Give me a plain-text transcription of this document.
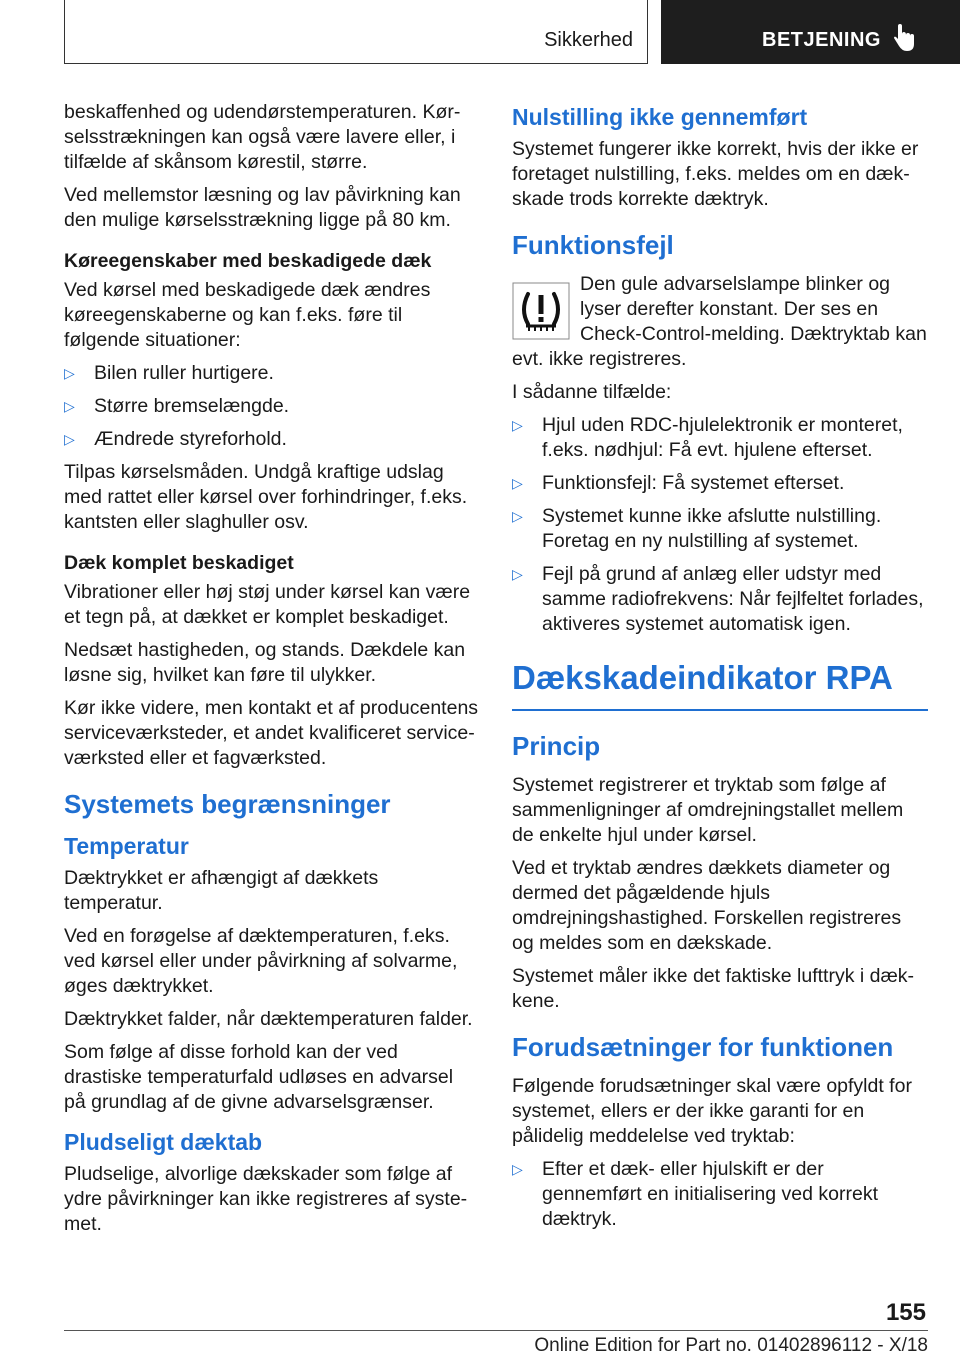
Sikkerhed	BETJENING

beskaffenhed og udendørstemperaturen. Kørselsstrækningen kan også være lavere eller, i tilfælde af skånsom kørestil, større.

Ved mellemstor læsning og lav påvirkning kan den mulige kørselsstrækning ligge på 80 km.

Køreegenskaber med beskadigede dæk

Ved kørsel med beskadigede dæk ændres køreegenskaberne og kan f.eks. føre til følgende situationer:

▷ Bilen ruller hurtigere.
▷ Større bremselængde.
▷ Ændrede styreforhold.

Tilpas kørselsmåden. Undgå kraftige udslag med rattet eller kørsel over forhindringer, f.eks. kantsten eller slaghuller osv.

Dæk komplet beskadiget

Vibrationer eller høj støj under kørsel kan være et tegn på, at dækket er komplet beskadiget.

Nedsæt hastigheden, og stands. Dækdele kan løsne sig, hvilket kan føre til ulykker.

Kør ikke videre, men kontakt et af producentens serviceværksteder, et andet kvalificeret serviceværksted eller et fagværksted.

Systemets begrænsninger
Temperatur

Dæktrykket er afhængigt af dækkets temperatur.

Ved en forøgelse af dæktemperaturen, f.eks. ved kørsel eller under påvirkning af solvarme, øges dæktrykket.

Dæktrykket falder, når dæktemperaturen falder.

Som følge af disse forhold kan der ved drastiske temperaturfald udløses en advarsel på grundlag af de givne advarselsgrænser.

Pludseligt dæktab

Pludselige, alvorlige dækskader som følge af ydre påvirkninger kan ikke registreres af systemet.

Nulstilling ikke gennemført

Systemet fungerer ikke korrekt, hvis der ikke er foretaget nulstilling, f.eks. meldes om en dækskade trods korrekte dæktryk.

Funktionsfejl

Den gule advarselslampe blinker og lyser derefter konstant. Der ses en Check-Control-melding. Dæktryktab kan evt. ikke registreres.

I sådanne tilfælde:

▷ Hjul uden RDC-hjulelektronik er monteret, f.eks. nødhjul: Få evt. hjulene efterset.
▷ Funktionsfejl: Få systemet efterset.
▷ Systemet kunne ikke afslutte nulstilling. Foretag en ny nulstilling af systemet.
▷ Fejl på grund af anlæg eller udstyr med samme radiofrekvens: Når fejlfeltet forlades, aktiveres systemet automatisk igen.
Dækskadeindikator RPA
Princip

Systemet registrerer et tryktab som følge af sammenligninger af omdrejningstallet mellem de enkelte hjul under kørsel.

Ved et tryktab ændres dækkets diameter og dermed det pågældende hjuls omdrejningshastighed. Forskellen registreres og meldes som en dækskade.

Systemet måler ikke det faktiske lufttryk i dækkene.

Forudsætninger for funktionen

Følgende forudsætninger skal være opfyldt for systemet, ellers er der ikke garanti for en pålidelig meddelelse ved tryktab:

▷ Efter et dæk- eller hjulskift er der gennemført en initialisering ved korrekt dæktryk.
155
Online Edition for Part no. 01402896112 - X/18
